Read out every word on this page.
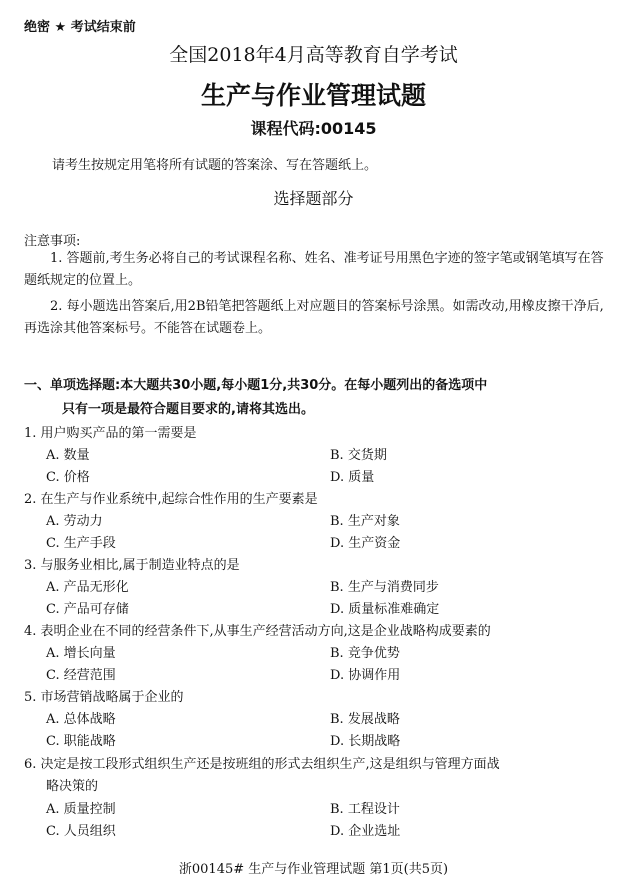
绝密 ★ 考试结束前
全国2018年4月高等教育自学考试
生产与作业管理试题
课程代码:00145
请考生按规定用笔将所有试题的答案涂、写在答题纸上。
选择题部分
注意事项:
1. 答题前,考生务必将自己的考试课程名称、姓名、准考证号用黑色字迹的签字笔或钢笔填写在答题纸规定的位置上。
2. 每小题选出答案后,用2B铅笔把答题纸上对应题目的答案标号涂黑。如需改动,用橡皮擦干净后,再选涂其他答案标号。不能答在试题卷上。
一、单项选择题:本大题共30小题,每小题1分,共30分。在每小题列出的备选项中
只有一项是最符合题目要求的,请将其选出。
1. 用户购买产品的第一需要是
A. 数量	B. 交货期
C. 价格	D. 质量
2. 在生产与作业系统中,起综合性作用的生产要素是
A. 劳动力	B. 生产对象
C. 生产手段	D. 生产资金
3. 与服务业相比,属于制造业特点的是
A. 产品无形化	B. 生产与消费同步
C. 产品可存储	D. 质量标准难确定
4. 表明企业在不同的经营条件下,从事生产经营活动方向,这是企业战略构成要素的
A. 增长向量	B. 竞争优势
C. 经营范围	D. 协调作用
5. 市场营销战略属于企业的
A. 总体战略	B. 发展战略
C. 职能战略	D. 长期战略
6. 决定是按工段形式组织生产还是按班组的形式去组织生产,这是组织与管理方面战
略决策的
A. 质量控制	B. 工程设计
C. 人员组织	D. 企业选址
浙00145# 生产与作业管理试题 第1页(共5页)
